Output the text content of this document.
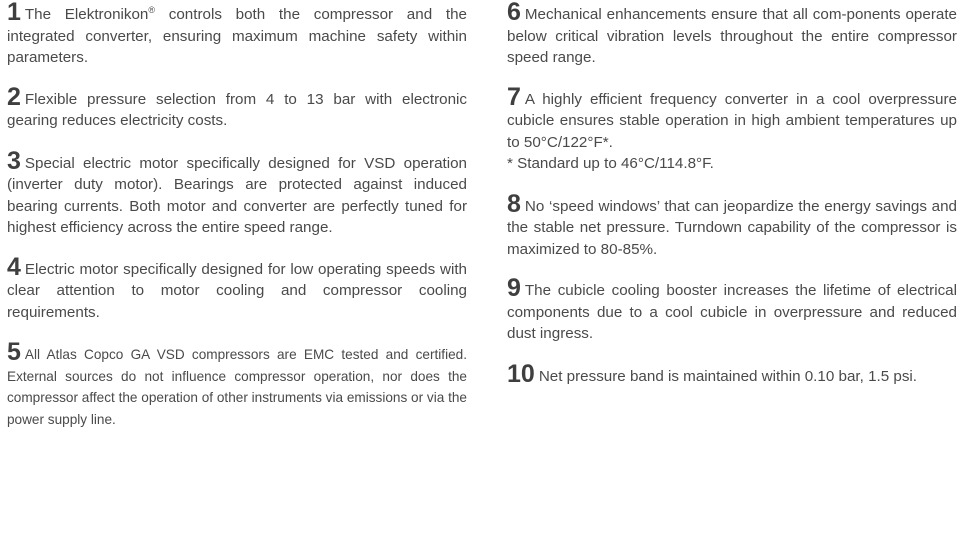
1 The Elektronikon® controls both the compressor and the integrated converter, ensuring maximum machine safety within parameters.

2 Flexible pressure selection from 4 to 13 bar with electronic gearing reduces electricity costs.

3 Special electric motor specifically designed for VSD operation (inverter duty motor). Bearings are protected against induced bearing currents. Both motor and converter are perfectly tuned for highest efficiency across the entire speed range.

4 Electric motor specifically designed for low operating speeds with clear attention to motor cooling and compressor cooling requirements.

5 All Atlas Copco GA VSD compressors are EMC tested and certified. External sources do not influence compressor operation, nor does the compressor affect the operation of other instruments via emissions or via the power supply line.

6 Mechanical enhancements ensure that all com-ponents operate below critical vibration levels throughout the entire compressor speed range.

7 A highly efficient frequency converter in a cool overpressure cubicle ensures stable operation in high ambient temperatures up to 50°C/122°F*.

* Standard up to 46°C/114.8°F.

8 No ‘speed windows’ that can jeopardize the energy savings and the stable net pressure. Turndown capability of the compressor is maximized to 80-85%.

9 The cubicle cooling booster increases the lifetime of electrical components due to a cool cubicle in overpressure and reduced dust ingress.

10 Net pressure band is maintained within 0.10 bar, 1.5 psi.
